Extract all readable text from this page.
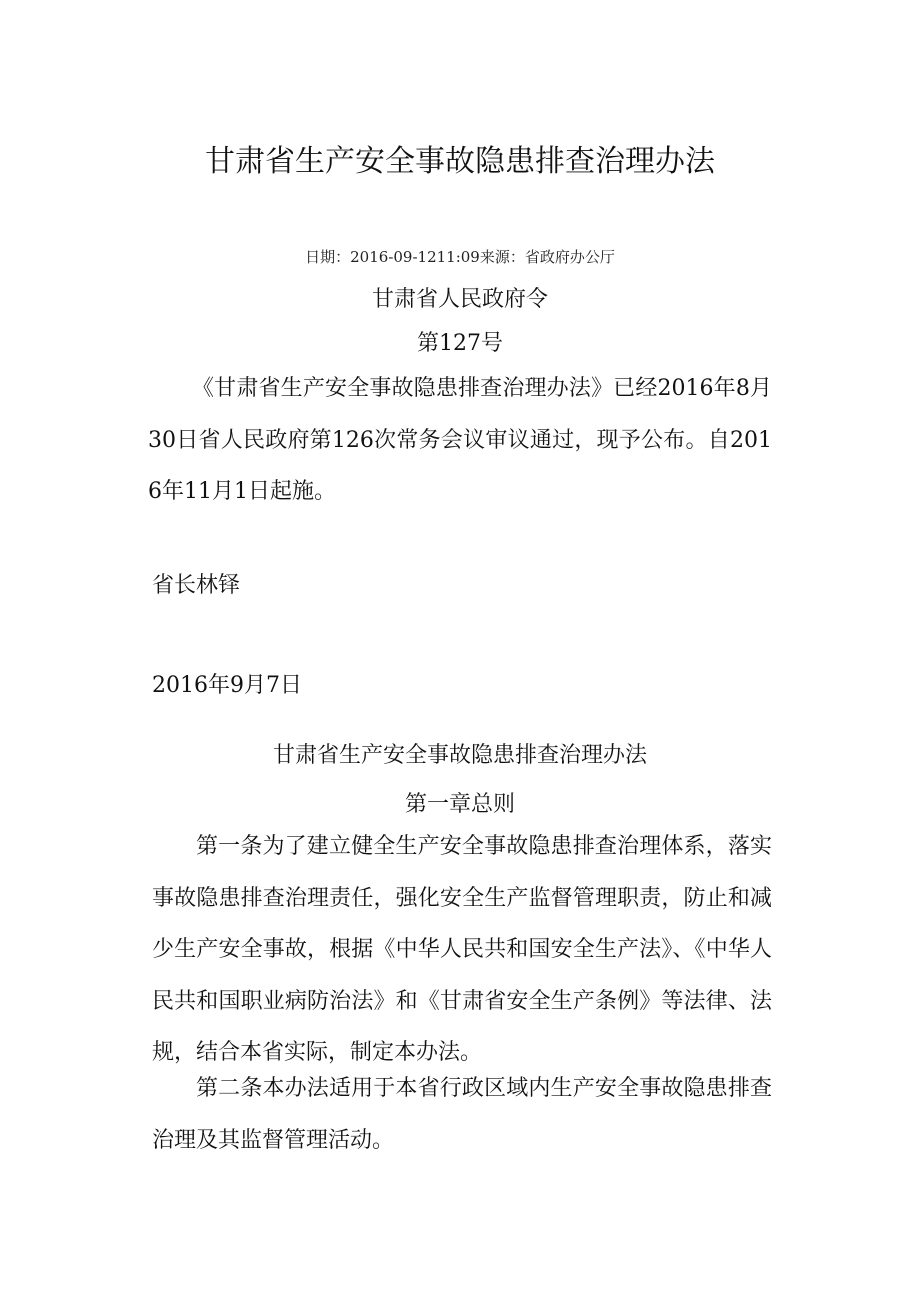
甘肃省生产安全事故隐患排查治理办法
日期：2016-09-1211:09来源：省政府办公厅
甘肃省人民政府令
第127号
《甘肃省生产安全事故隐患排查治理办法》已经2016年8月30日省人民政府第126次常务会议审议通过，现予公布。自2016年11月1日起施。
省长林铎
2016年9月7日
甘肃省生产安全事故隐患排查治理办法
第一章总则
第一条为了建立健全生产安全事故隐患排查治理体系，落实事故隐患排查治理责任，强化安全生产监督管理职责，防止和减少生产安全事故，根据《中华人民共和国安全生产法》、《中华人民共和国职业病防治法》和《甘肃省安全生产条例》等法律、法规，结合本省实际，制定本办法。
第二条本办法适用于本省行政区域内生产安全事故隐患排查治理及其监督管理活动。
